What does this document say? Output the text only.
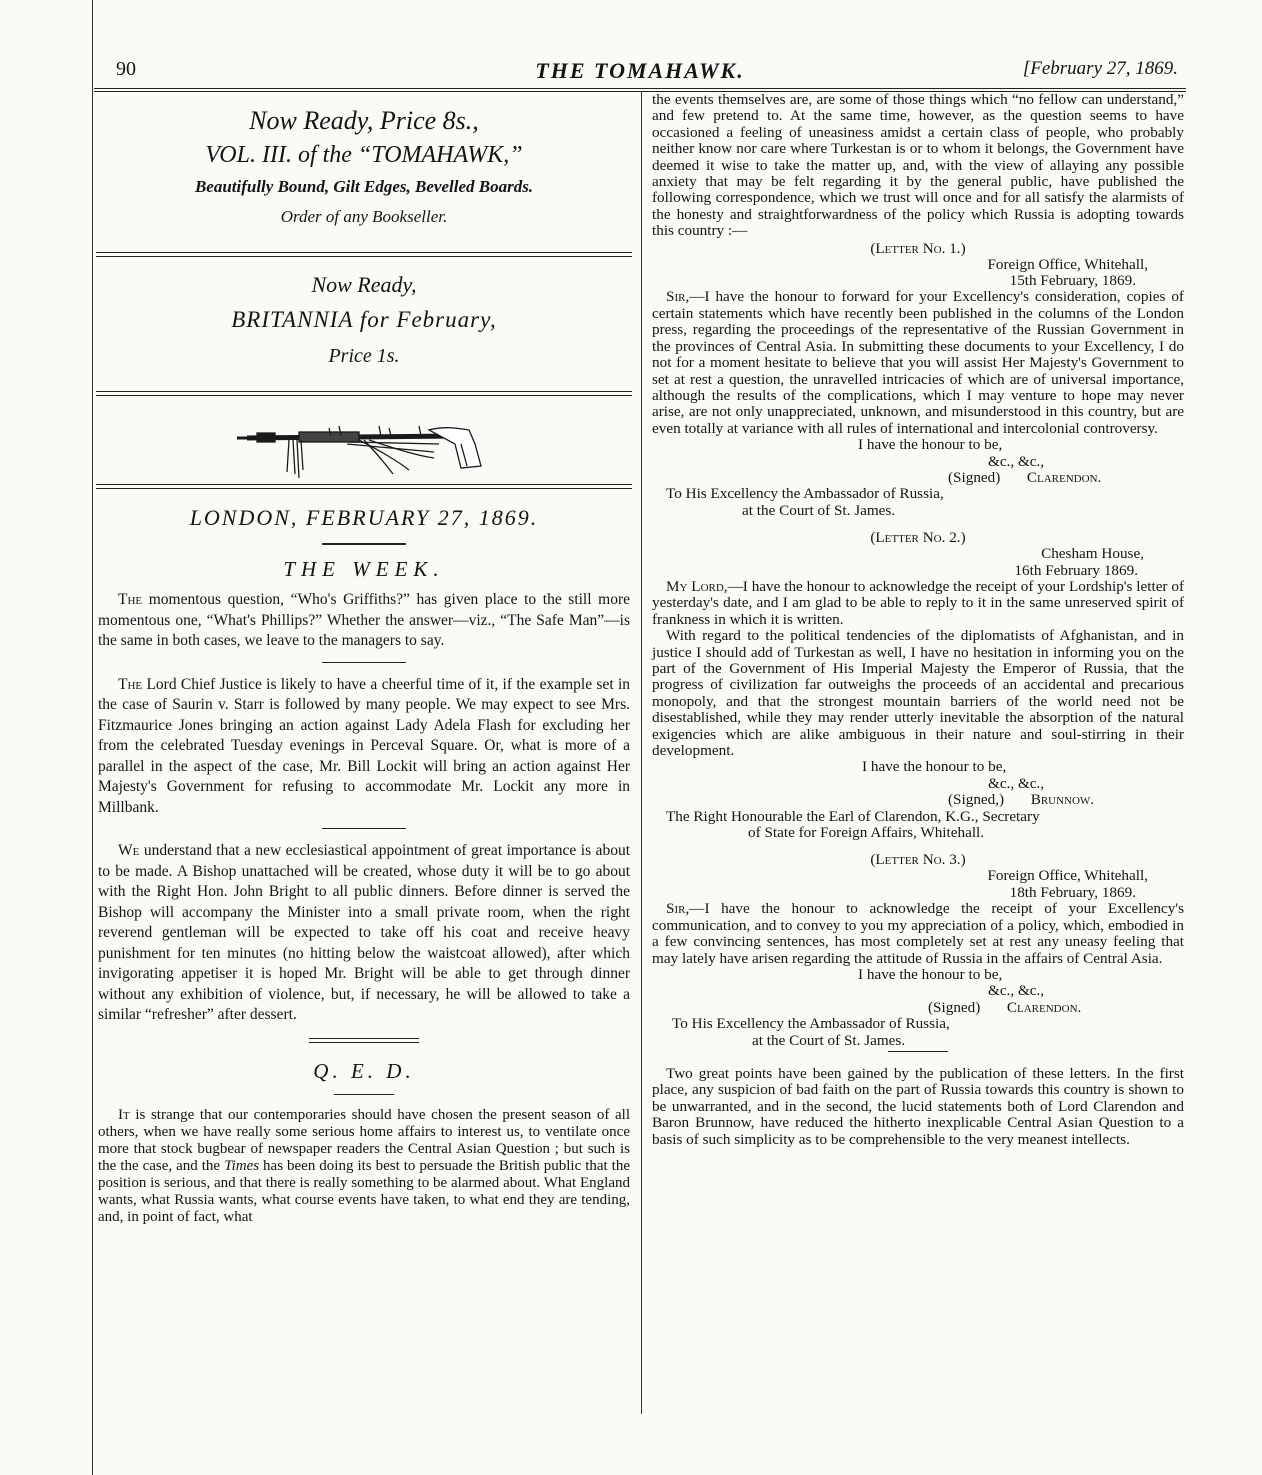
90	THE TOMAHAWK.	[February 27, 1869.
Now Ready, Price 8s.,
VOL. III. of the “TOMAHAWK,”
Beautifully Bound, Gilt Edges, Bevelled Boards.
Order of any Bookseller.
Now Ready,
BRITANNIA for February,
Price 1s.
LONDON, FEBRUARY 27, 1869.
THE WEEK.

The momentous question, “Who's Griffiths?” has given place to the still more momentous one, “What's Phillips?” Whether the answer—viz., “The Safe Man”—is the same in both cases, we leave to the managers to say.

The Lord Chief Justice is likely to have a cheerful time of it, if the example set in the case of Saurin v. Starr is followed by many people. We may expect to see Mrs. Fitzmaurice Jones bringing an action against Lady Adela Flash for excluding her from the celebrated Tuesday evenings in Perceval Square. Or, what is more of a parallel in the aspect of the case, Mr. Bill Lockit will bring an action against Her Majesty's Government for refusing to accommodate Mr. Lockit any more in Millbank.

We understand that a new ecclesiastical appointment of great importance is about to be made. A Bishop unattached will be created, whose duty it will be to go about with the Right Hon. John Bright to all public dinners. Before dinner is served the Bishop will accompany the Minister into a small private room, when the right reverend gentleman will be expected to take off his coat and receive heavy punishment for ten minutes (no hitting below the waistcoat allowed), after which invigorating appetiser it is hoped Mr. Bright will be able to get through dinner without any exhibition of violence, but, if necessary, he will be allowed to take a similar “refresher” after dessert.

Q. E. D.

It is strange that our contemporaries should have chosen the present season of all others, when we have really some serious home affairs to interest us, to ventilate once more that stock bugbear of newspaper readers the Central Asian Question ; but such is the the case, and the Times has been doing its best to persuade the British public that the position is serious, and that there is really something to be alarmed about. What England wants, what Russia wants, what course events have taken, to what end they are tending, and, in point of fact, what

the events themselves are, are some of those things which “no fellow can understand,” and few pretend to. At the same time, however, as the question seems to have occasioned a feeling of uneasiness amidst a certain class of people, who probably neither know nor care where Turkestan is or to whom it belongs, the Government have deemed it wise to take the matter up, and, with the view of allaying any possible anxiety that may be felt regarding it by the general public, have published the following correspondence, which we trust will once and for all satisfy the alarmists of the honesty and straightforwardness of the policy which Russia is adopting towards this country :—

(Letter No. 1.)

Foreign Office, Whitehall,

15th February, 1869.

Sir,—I have the honour to forward for your Excellency's consideration, copies of certain statements which have recently been published in the columns of the London press, regarding the proceedings of the representative of the Russian Government in the provinces of Central Asia. In submitting these documents to your Excellency, I do not for a moment hesitate to believe that you will assist Her Majesty's Government to set at rest a question, the unravelled intricacies of which are of universal importance, although the results of the complications, which I may venture to hope may never arise, are not only unappreciated, unknown, and misunderstood in this country, but are even totally at variance with all rules of international and intercolonial controversy.

I have the honour to be,

&c., &c.,

(Signed) Clarendon.

To His Excellency the Ambassador of Russia,

at the Court of St. James.

(Letter No. 2.)

Chesham House,

16th February 1869.

My Lord,—I have the honour to acknowledge the receipt of your Lordship's letter of yesterday's date, and I am glad to be able to reply to it in the same unreserved spirit of frankness in which it is written.

With regard to the political tendencies of the diplomatists of Afghanistan, and in justice I should add of Turkestan as well, I have no hesitation in informing you on the part of the Government of His Imperial Majesty the Emperor of Russia, that the progress of civilization far outweighs the proceeds of an accidental and precarious monopoly, and that the strongest mountain barriers of the world need not be disestablished, while they may render utterly inevitable the absorption of the natural exigencies which are alike ambiguous in their nature and soul-stirring in their development.

I have the honour to be,

&c., &c.,

(Signed,) Brunnow.

The Right Honourable the Earl of Clarendon, K.G., Secretary

of State for Foreign Affairs, Whitehall.

(Letter No. 3.)

Foreign Office, Whitehall,

18th February, 1869.

Sir,—I have the honour to acknowledge the receipt of your Excellency's communication, and to convey to you my appreciation of a policy, which, embodied in a few convincing sentences, has most completely set at rest any uneasy feeling that may lately have arisen regarding the attitude of Russia in the affairs of Central Asia.

I have the honour to be,

&c., &c.,

(Signed) Clarendon.

To His Excellency the Ambassador of Russia,

at the Court of St. James.

Two great points have been gained by the publication of these letters. In the first place, any suspicion of bad faith on the part of Russia towards this country is shown to be unwarranted, and in the second, the lucid statements both of Lord Clarendon and Baron Brunnow, have reduced the hitherto inexplicable Central Asian Question to a basis of such simplicity as to be comprehensible to the very meanest intellects.
